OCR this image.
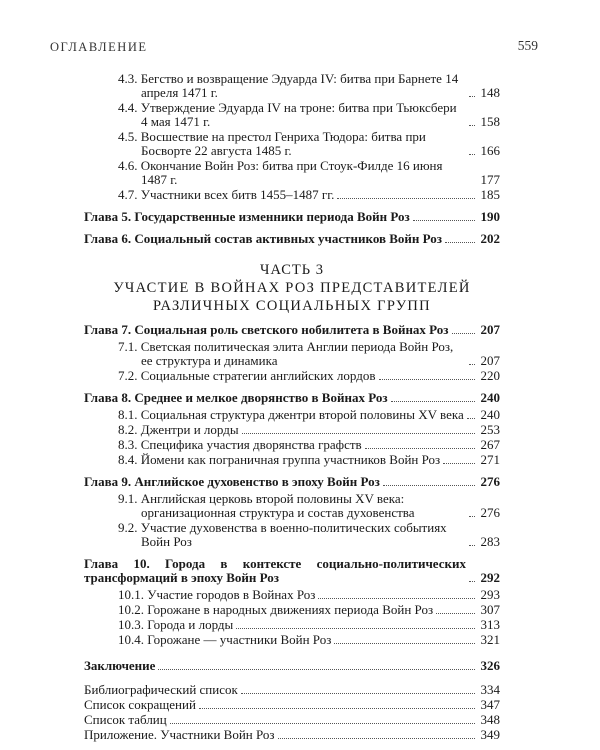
ОГЛАВЛЕНИЕ	559
4.3. Бегство и возвращение Эдуарда IV: битва при Барнете 14 апреля 1471 г.	148
4.4. Утверждение Эдуарда IV на троне: битва при Тьюксбери 4 мая 1471 г.	158
4.5. Восшествие на престол Генриха Тюдора: битва при Босворте 22 августа 1485 г.	166
4.6. Окончание Войн Роз: битва при Стоук-Филде 16 июня 1487 г.	177
4.7. Участники всех битв 1455–1487 гг.	185
Глава 5. Государственные изменники периода Войн Роз	190
Глава 6. Социальный состав активных участников Войн Роз	202
ЧАСТЬ 3
УЧАСТИЕ В ВОЙНАХ РОЗ ПРЕДСТАВИТЕЛЕЙ РАЗЛИЧНЫХ СОЦИАЛЬНЫХ ГРУПП
Глава 7. Социальная роль светского нобилитета в Войнах Роз 207
7.1. Светская политическая элита Англии периода Войн Роз, ее структура и динамика	207
7.2. Социальные стратегии английских лордов	220
Глава 8. Среднее и мелкое дворянство в Войнах Роз	240
8.1. Социальная структура джентри второй половины XV века 240
8.2. Джентри и лорды	253
8.3. Специфика участия дворянства графств	267
8.4. Йомени как пограничная группа участников Войн Роз	271
Глава 9. Английское духовенство в эпоху Войн Роз	276
9.1. Английская церковь второй половины XV века: организационная структура и состав духовенства	276
9.2. Участие духовенства в военно-политических событиях Войн Роз	283
Глава 10. Города в контексте социально-политических трансформаций в эпоху Войн Роз	292
10.1. Участие городов в Войнах Роз	293
10.2. Горожане в народных движениях периода Войн Роз	307
10.3. Города и лорды	313
10.4. Горожане — участники Войн Роз	321
Заключение	326
Библиографический список	334
Список сокращений	347
Список таблиц	348
Приложение. Участники Войн Роз	349
